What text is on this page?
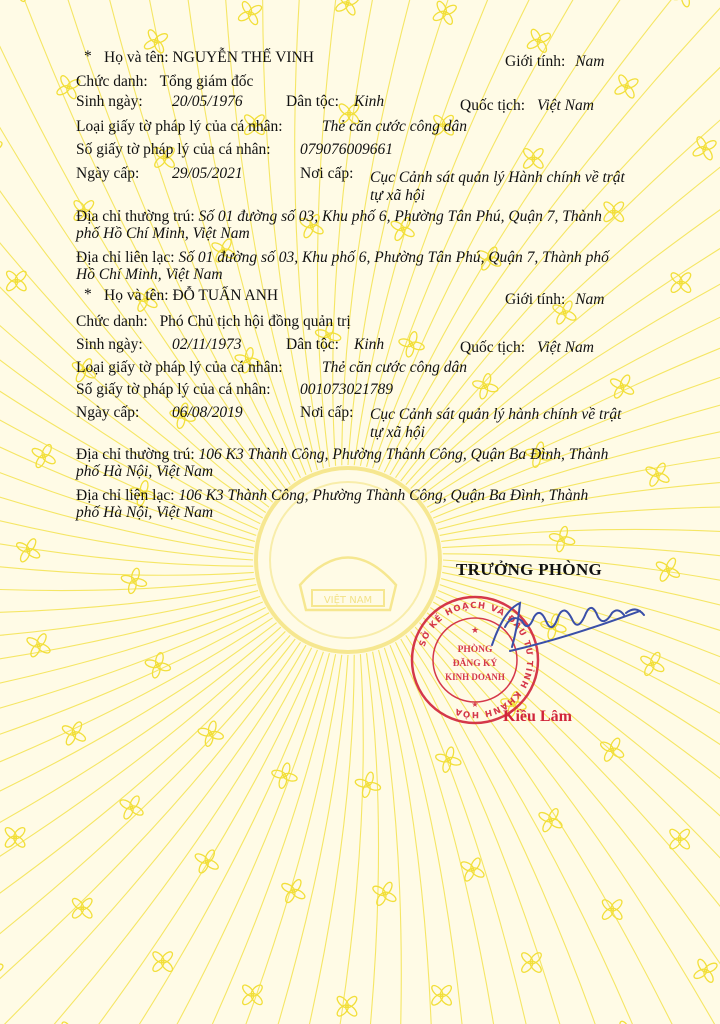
VIỆT NAM
* Họ và tên: NGUYỄN THẾ VINH	Giới tính: Nam
Chức danh: Tổng giám đốc
Sinh ngày: 20/05/1976	Dân tộc: Kinh	Quốc tịch: Việt Nam
Loại giấy tờ pháp lý của cá nhân:	Thẻ căn cước công dân
Số giấy tờ pháp lý của cá nhân: 079076009661
Ngày cấp: 29/05/2021	Nơi cấp: Cục Cảnh sát quản lý Hành chính về trật
tự xã hội
Địa chỉ thường trú: Số 01 đường số 03, Khu phố 6, Phường Tân Phú, Quận 7, Thành
phố Hồ Chí Minh, Việt Nam
Địa chỉ liên lạc: Số 01 đường số 03, Khu phố 6, Phường Tân Phú, Quận 7, Thành phố
Hồ Chí Minh, Việt Nam
* Họ và tên: ĐỖ TUẤN ANH	Giới tính: Nam
Chức danh: Phó Chủ tịch hội đồng quản trị
Sinh ngày: 02/11/1973	Dân tộc: Kinh	Quốc tịch: Việt Nam
Loại giấy tờ pháp lý của cá nhân:	Thẻ căn cước công dân
Số giấy tờ pháp lý của cá nhân: 001073021789
Ngày cấp: 06/08/2019	Nơi cấp: Cục Cảnh sát quản lý hành chính về trật
tự xã hội
Địa chỉ thường trú: 106 K3 Thành Công, Phường Thành Công, Quận Ba Đình, Thành
phố Hà Nội, Việt Nam
Địa chỉ liên lạc: 106 K3 Thành Công, Phường Thành Công, Quận Ba Đình, Thành
phố Hà Nội, Việt Nam
TRƯỞNG PHÒNG
SỞ KẾ HOẠCH VÀ ĐẦU TƯ TỈNH KHÁNH HÒA
★
PHÒNG
ĐĂNG KÝ
KINH DOANH
★
Kiều Lâm
